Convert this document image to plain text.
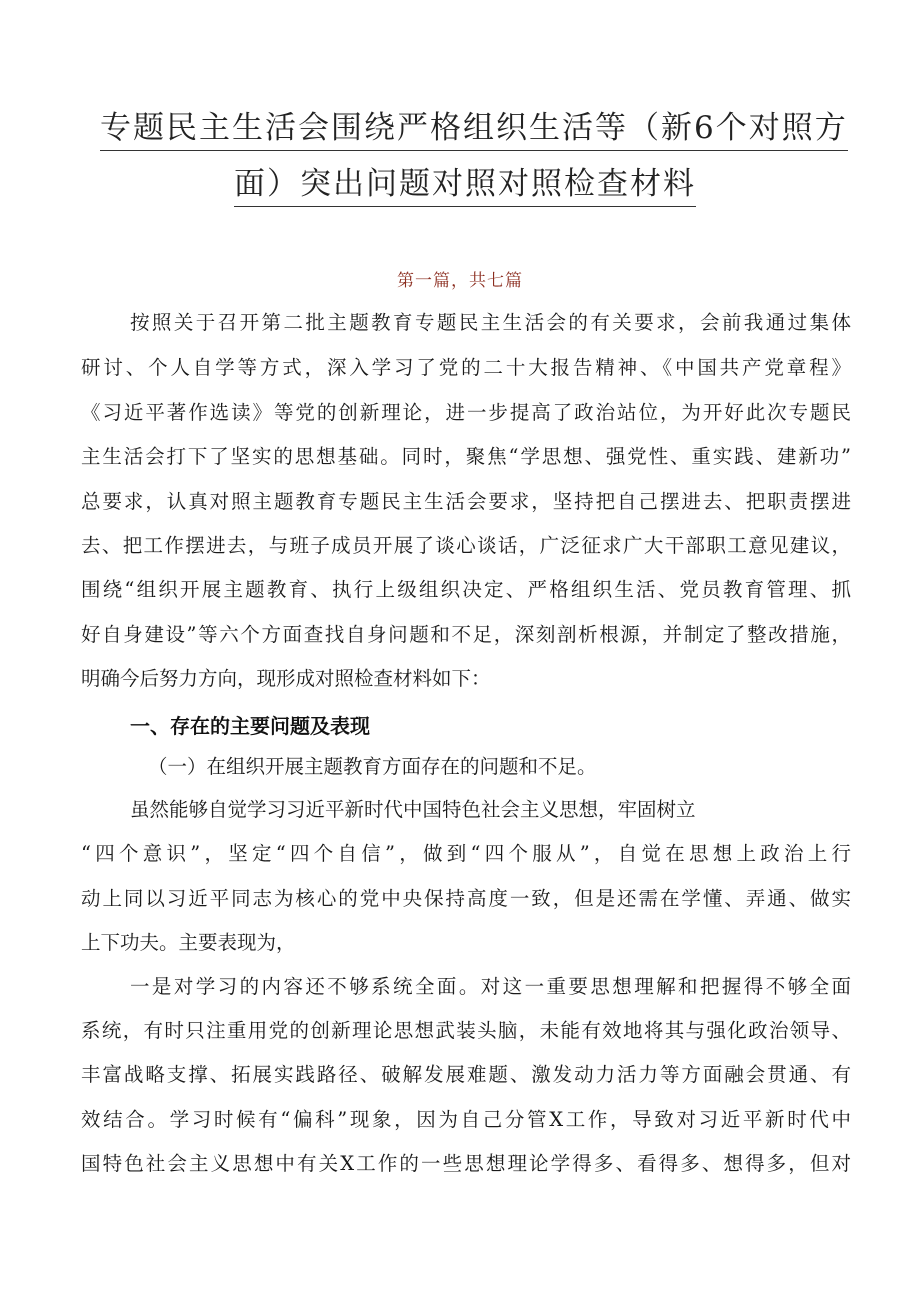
专题民主生活会围绕严格组织生活等（新6个对照方
面）突出问题对照对照检查材料
第一篇，共七篇
按照关于召开第二批主题教育专题民主生活会的有关要求，会前我通过集体
研讨、个人自学等方式，深入学习了党的二十大报告精神、《中国共产党章程》
《习近平著作选读》等党的创新理论，进一步提高了政治站位，为开好此次专题民
主生活会打下了坚实的思想基础。同时，聚焦“学思想、强党性、重实践、建新功”
总要求，认真对照主题教育专题民主生活会要求，坚持把自己摆进去、把职责摆进
去、把工作摆进去，与班子成员开展了谈心谈话，广泛征求广大干部职工意见建议，
围绕“组织开展主题教育、执行上级组织决定、严格组织生活、党员教育管理、抓
好自身建设”等六个方面查找自身问题和不足，深刻剖析根源，并制定了整改措施，
明确今后努力方向，现形成对照检查材料如下：
一、存在的主要问题及表现
（一）在组织开展主题教育方面存在的问题和不足。
虽然能够自觉学习习近平新时代中国特色社会主义思想，牢固树立
“四个意识”，坚定“四个自信”，做到“四个服从”，自觉在思想上政治上行
动上同以习近平同志为核心的党中央保持高度一致，但是还需在学懂、弄通、做实
上下功夫。主要表现为，
一是对学习的内容还不够系统全面。对这一重要思想理解和把握得不够全面
系统，有时只注重用党的创新理论思想武装头脑，未能有效地将其与强化政治领导、
丰富战略支撑、拓展实践路径、破解发展难题、激发动力活力等方面融会贯通、有
效结合。学习时候有“偏科”现象，因为自己分管X工作，导致对习近平新时代中
国特色社会主义思想中有关X工作的一些思想理论学得多、看得多、想得多，但对
